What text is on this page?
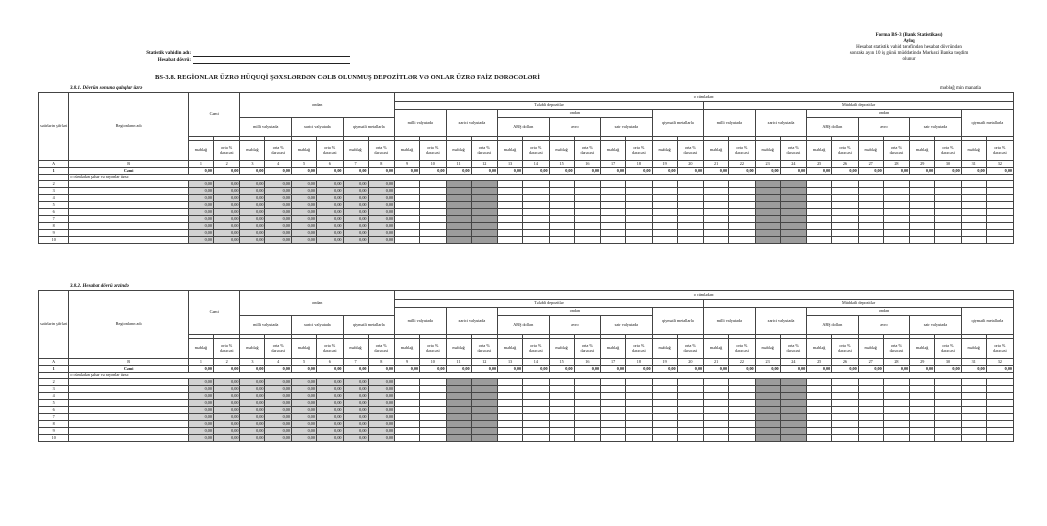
Forma BS-3 (Bank Statistikası)
Aylıq
Hesabat statistik vahid tərəfindən hesabat dövründən
sonrakı ayın 10 iş günü müddətində Mərkəzi Banka təqdim olunur
Statistik vahidin adı:
Hesabat dövrü:
BS-3.8. REGİONLAR ÜZRƏ HÜQUQİ ŞƏXSLƏRDƏN CƏLB OLUNMUŞ DEPOZİTLƏR VƏ ONLAR ÜZRƏ FAİZ DƏRƏCƏLƏRİ
3.8.1. Dövrün sonuna qalıqlar üzrə	məbləğ min manatla
sətirlərin şifrləri	Regionların adı	Cəmi		ondan						o cümlədən:																							
										Tələbli depozitlər												Müddətli depozitlər											
										milli valyutada		xarici valyutada		ondan						qiymətli metallarla		milli valyutada		xarici valyutada		ondan						qiymətli metallarla	
				milli valyutada		xarici valyutada		qiymətli metallarla						ABŞ dolları		avro		sair valyutada								ABŞ dolları		avro		sair valyutada			

		məbləğ	orta % dərəcəsi	məbləğ	orta % dərəcəsi	məbləğ	orta % dərəcəsi	məbləğ	orta % dərəcəsi	məbləğ	orta % dərəcəsi	məbləğ	orta % dərəcəsi	məbləğ	orta % dərəcəsi	məbləğ	orta % dərəcəsi	məbləğ	orta % dərəcəsi	məbləğ	orta % dərəcəsi	məbləğ	orta % dərəcəsi	məbləğ	orta % dərəcəsi	məbləğ	orta % dərəcəsi	məbləğ	orta % dərəcəsi	məbləğ	orta % dərəcəsi	məbləğ	orta % dərəcəsi
A	B	1	2	3	4	5	6	7	8	9	10	11	12	13	14	15	16	17	18	19	20	21	22	23	24	25	26	27	28	29	30	31	32
1	Cəmi	0,00	0,00	0,00	0,00	0,00	0,00	0,00	0,00	0,00	0,00	0,00	0,00	0,00	0,00	0,00	0,00	0,00	0,00	0,00	0,00	0,00	0,00	0,00	0,00	0,00	0,00	0,00	0,00	0,00	0,00	0,00	0,00
	o cümlədən şəhər və rayonlar üzrə:																																
2		0,00	0,00	0,00	0,00	0,00	0,00	0,00	0,00																								
3		0,00	0,00	0,00	0,00	0,00	0,00	0,00	0,00																								
4		0,00	0,00	0,00	0,00	0,00	0,00	0,00	0,00																								
5		0,00	0,00	0,00	0,00	0,00	0,00	0,00	0,00																								
6		0,00	0,00	0,00	0,00	0,00	0,00	0,00	0,00																								
7		0,00	0,00	0,00	0,00	0,00	0,00	0,00	0,00																								
8		0,00	0,00	0,00	0,00	0,00	0,00	0,00	0,00																								
9		0,00	0,00	0,00	0,00	0,00	0,00	0,00	0,00																								
10		0,00	0,00	0,00	0,00	0,00	0,00	0,00	0,00																								
3.8.2. Hesabat dövrü ərzində
sətirlərin şifrləri	Regionların adı	Cəmi		ondan						o cümlədən:																							
										Tələbli depozitlər												Müddətli depozitlər											
										milli valyutada		xarici valyutada		ondan						qiymətli metallarla		milli valyutada		xarici valyutada		ondan						qiymətli metallarla	
				milli valyutada		xarici valyutada		qiymətli metallarla						ABŞ dolları		avro		sair valyutada								ABŞ dolları		avro		sair valyutada			

		məbləğ	orta % dərəcəsi	məbləğ	orta % dərəcəsi	məbləğ	orta % dərəcəsi	məbləğ	orta % dərəcəsi	məbləğ	orta % dərəcəsi	məbləğ	orta % dərəcəsi	məbləğ	orta % dərəcəsi	məbləğ	orta % dərəcəsi	məbləğ	orta % dərəcəsi	məbləğ	orta % dərəcəsi	məbləğ	orta % dərəcəsi	məbləğ	orta % dərəcəsi	məbləğ	orta % dərəcəsi	məbləğ	orta % dərəcəsi	məbləğ	orta % dərəcəsi	məbləğ	orta % dərəcəsi
A	B	1	2	3	4	5	6	7	8	9	10	11	12	13	14	15	16	17	18	19	20	21	22	23	24	25	26	27	28	29	30	31	32
1	Cəmi	0,00	0,00	0,00	0,00	0,00	0,00	0,00	0,00	0,00	0,00	0,00	0,00	0,00	0,00	0,00	0,00	0,00	0,00	0,00	0,00	0,00	0,00	0,00	0,00	0,00	0,00	0,00	0,00	0,00	0,00	0,00	0,00
	o cümlədən şəhər və rayonlar üzrə:																																
2		0,00	0,00	0,00	0,00	0,00	0,00	0,00	0,00																								
3		0,00	0,00	0,00	0,00	0,00	0,00	0,00	0,00																								
4		0,00	0,00	0,00	0,00	0,00	0,00	0,00	0,00																								
5		0,00	0,00	0,00	0,00	0,00	0,00	0,00	0,00																								
6		0,00	0,00	0,00	0,00	0,00	0,00	0,00	0,00																								
7		0,00	0,00	0,00	0,00	0,00	0,00	0,00	0,00																								
8		0,00	0,00	0,00	0,00	0,00	0,00	0,00	0,00																								
9		0,00	0,00	0,00	0,00	0,00	0,00	0,00	0,00																								
10		0,00	0,00	0,00	0,00	0,00	0,00	0,00	0,00																								
